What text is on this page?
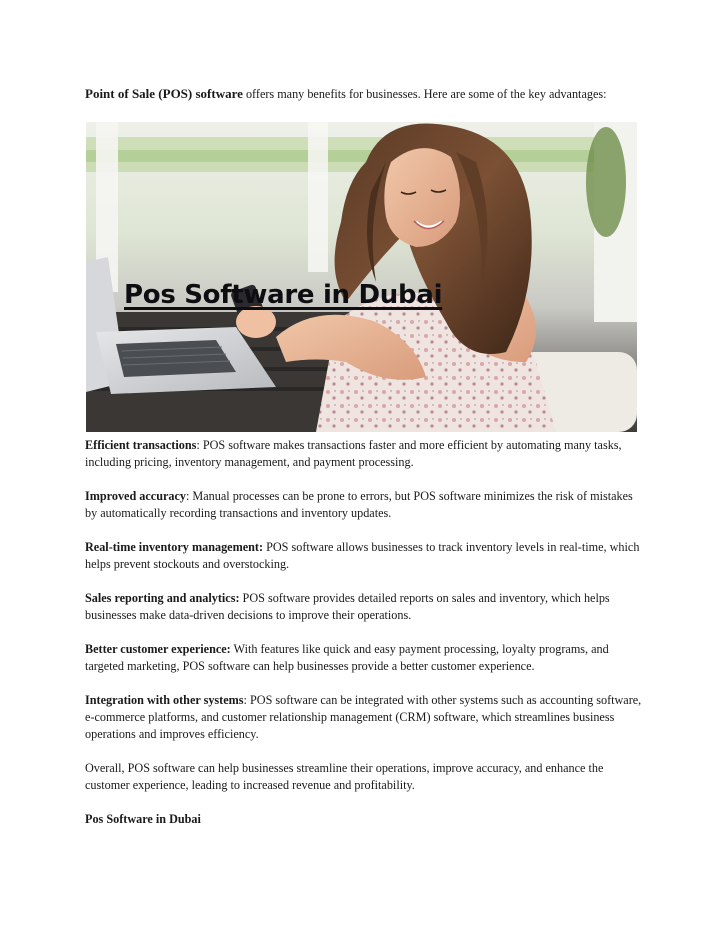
Point of Sale (POS) software offers many benefits for businesses. Here are some of the key advantages:
Pos Software in Dubai

Efficient transactions: POS software makes transactions faster and more efficient by automating many tasks, including pricing, inventory management, and payment processing.

Improved accuracy: Manual processes can be prone to errors, but POS software minimizes the risk of mistakes by automatically recording transactions and inventory updates.

Real-time inventory management: POS software allows businesses to track inventory levels in real-time, which helps prevent stockouts and overstocking.

Sales reporting and analytics: POS software provides detailed reports on sales and inventory, which helps businesses make data-driven decisions to improve their operations.

Better customer experience: With features like quick and easy payment processing, loyalty programs, and targeted marketing, POS software can help businesses provide a better customer experience.

Integration with other systems: POS software can be integrated with other systems such as accounting software, e-commerce platforms, and customer relationship management (CRM) software, which streamlines business operations and improves efficiency.

Overall, POS software can help businesses streamline their operations, improve accuracy, and enhance the customer experience, leading to increased revenue and profitability.

Pos Software in Dubai
